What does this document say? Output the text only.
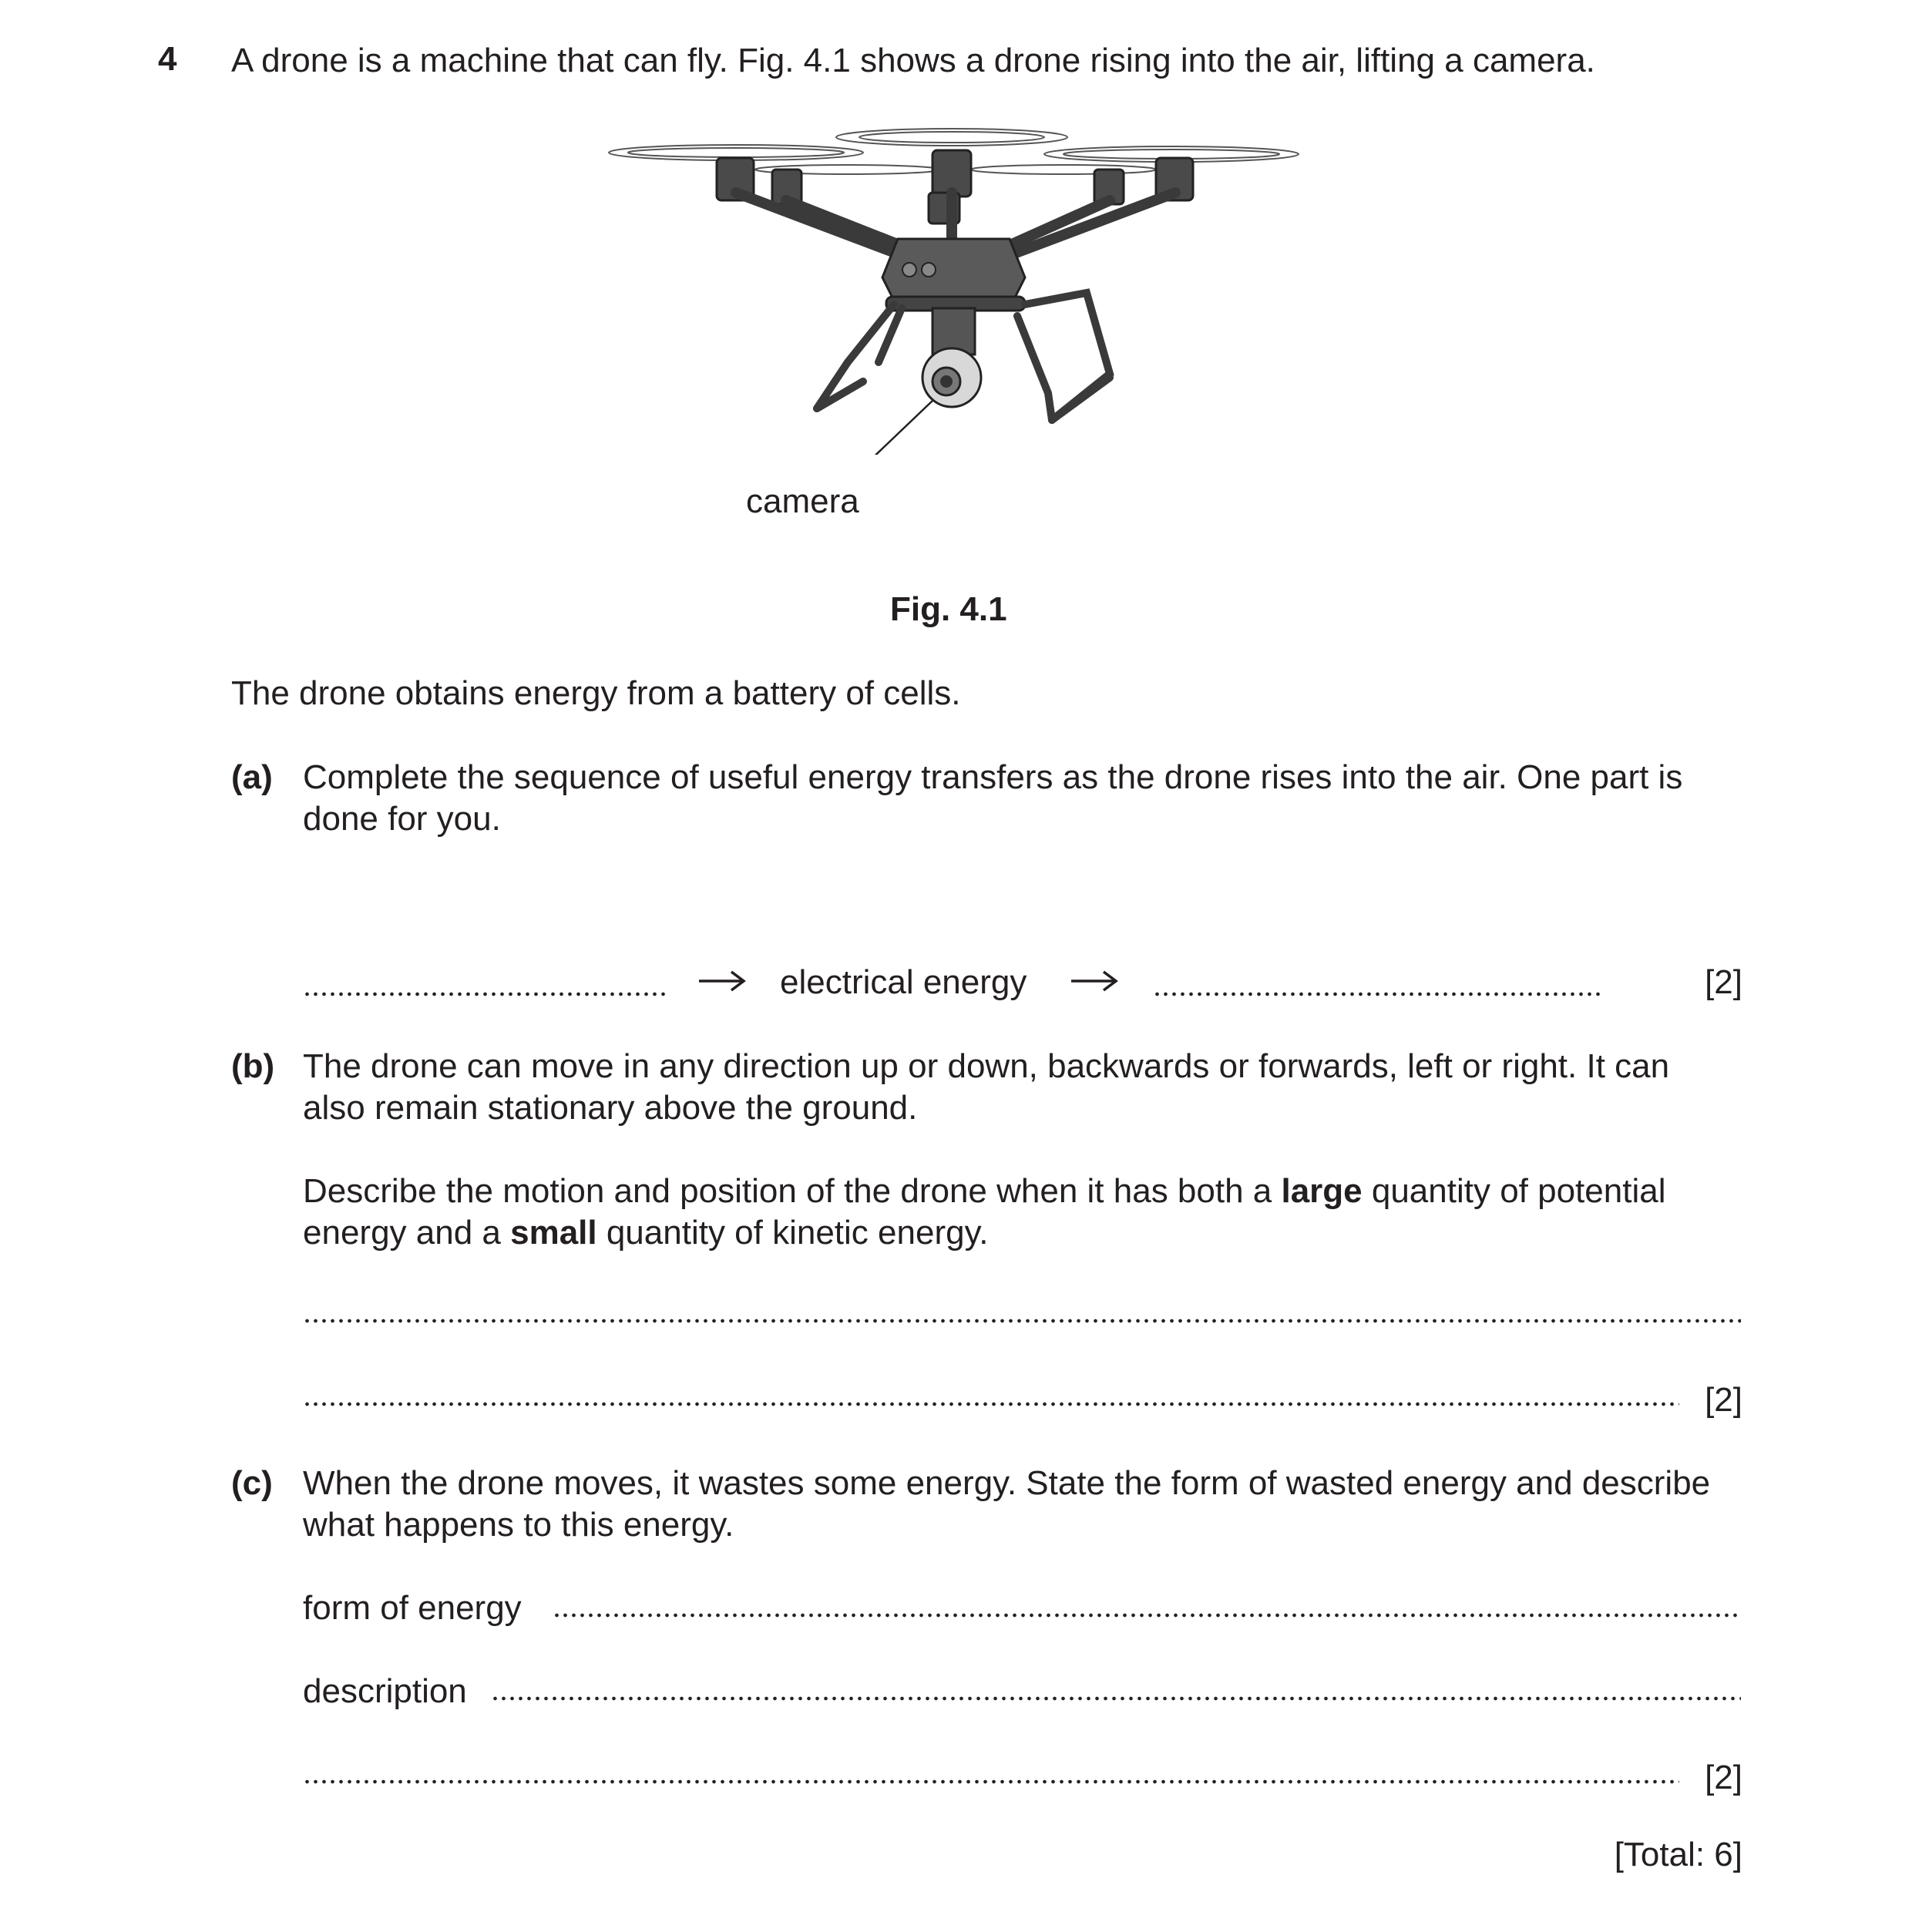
4 A drone is a machine that can fly. Fig. 4.1 shows a drone rising into the air, lifting a camera.
camera
Fig. 4.1
The drone obtains energy from a battery of cells.
(a) Complete the sequence of useful energy transfers as the drone rises into the air. One part is
done for you.
electrical energy	[2]
(b) The drone can move in any direction up or down, backwards or forwards, left or right. It can
also remain stationary above the ground.
Describe the motion and position of the drone when it has both a large quantity of potential
energy and a small quantity of kinetic energy.
[2]
(c) When the drone moves, it wastes some energy. State the form of wasted energy and describe
what happens to this energy.
form of energy
description
[2]
[Total: 6]
